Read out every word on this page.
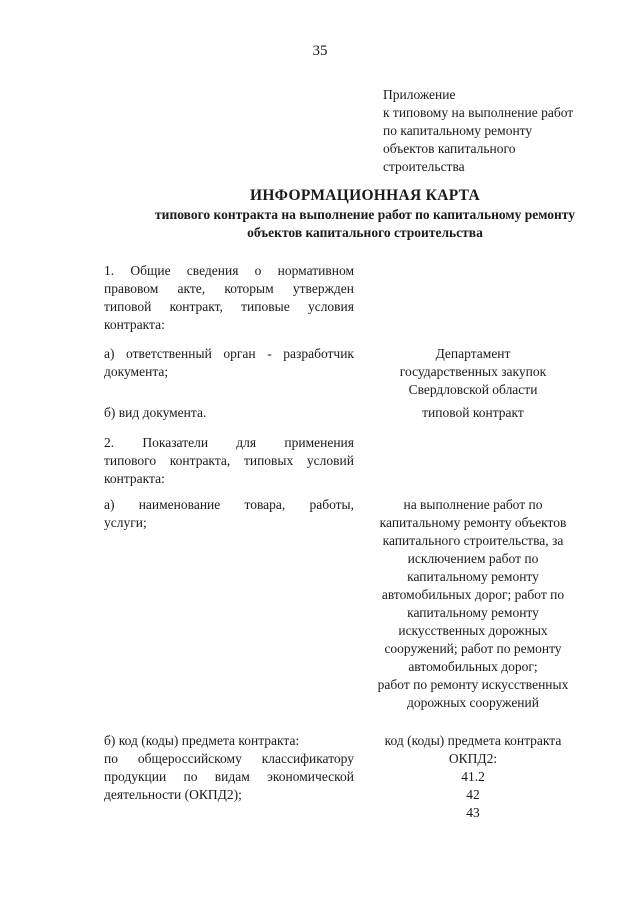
35
Приложение
к типовому на выполнение работ
по капитальному ремонту
объектов капитального
строительства
ИНФОРМАЦИОННАЯ КАРТА
типового контракта на выполнение работ по капитальному ремонту
объектов капитального строительства
1. Общие сведения о нормативном
правовом акте, которым утвержден
типовой контракт, типовые условия
контракта:
а) ответственный орган - разработчик
документа;
Департамент
государственных закупок
Свердловской области
б) вид документа.	типовой контракт
2. Показатели для применения
типового контракта, типовых условий
контракта:
а) наименование товара, работы,
услуги;
на выполнение работ по
капитальному ремонту объектов
капитального строительства, за
исключением работ по
капитальному ремонту
автомобильных дорог; работ по
капитальному ремонту
искусственных дорожных
сооружений; работ по ремонту
автомобильных дорог;
работ по ремонту искусственных
дорожных сооружений
б) код (коды) предмета контракта:
по общероссийскому классификатору
продукции по видам экономической
деятельности (ОКПД2);
код (коды) предмета контракта
ОКПД2:
41.2
42
43
